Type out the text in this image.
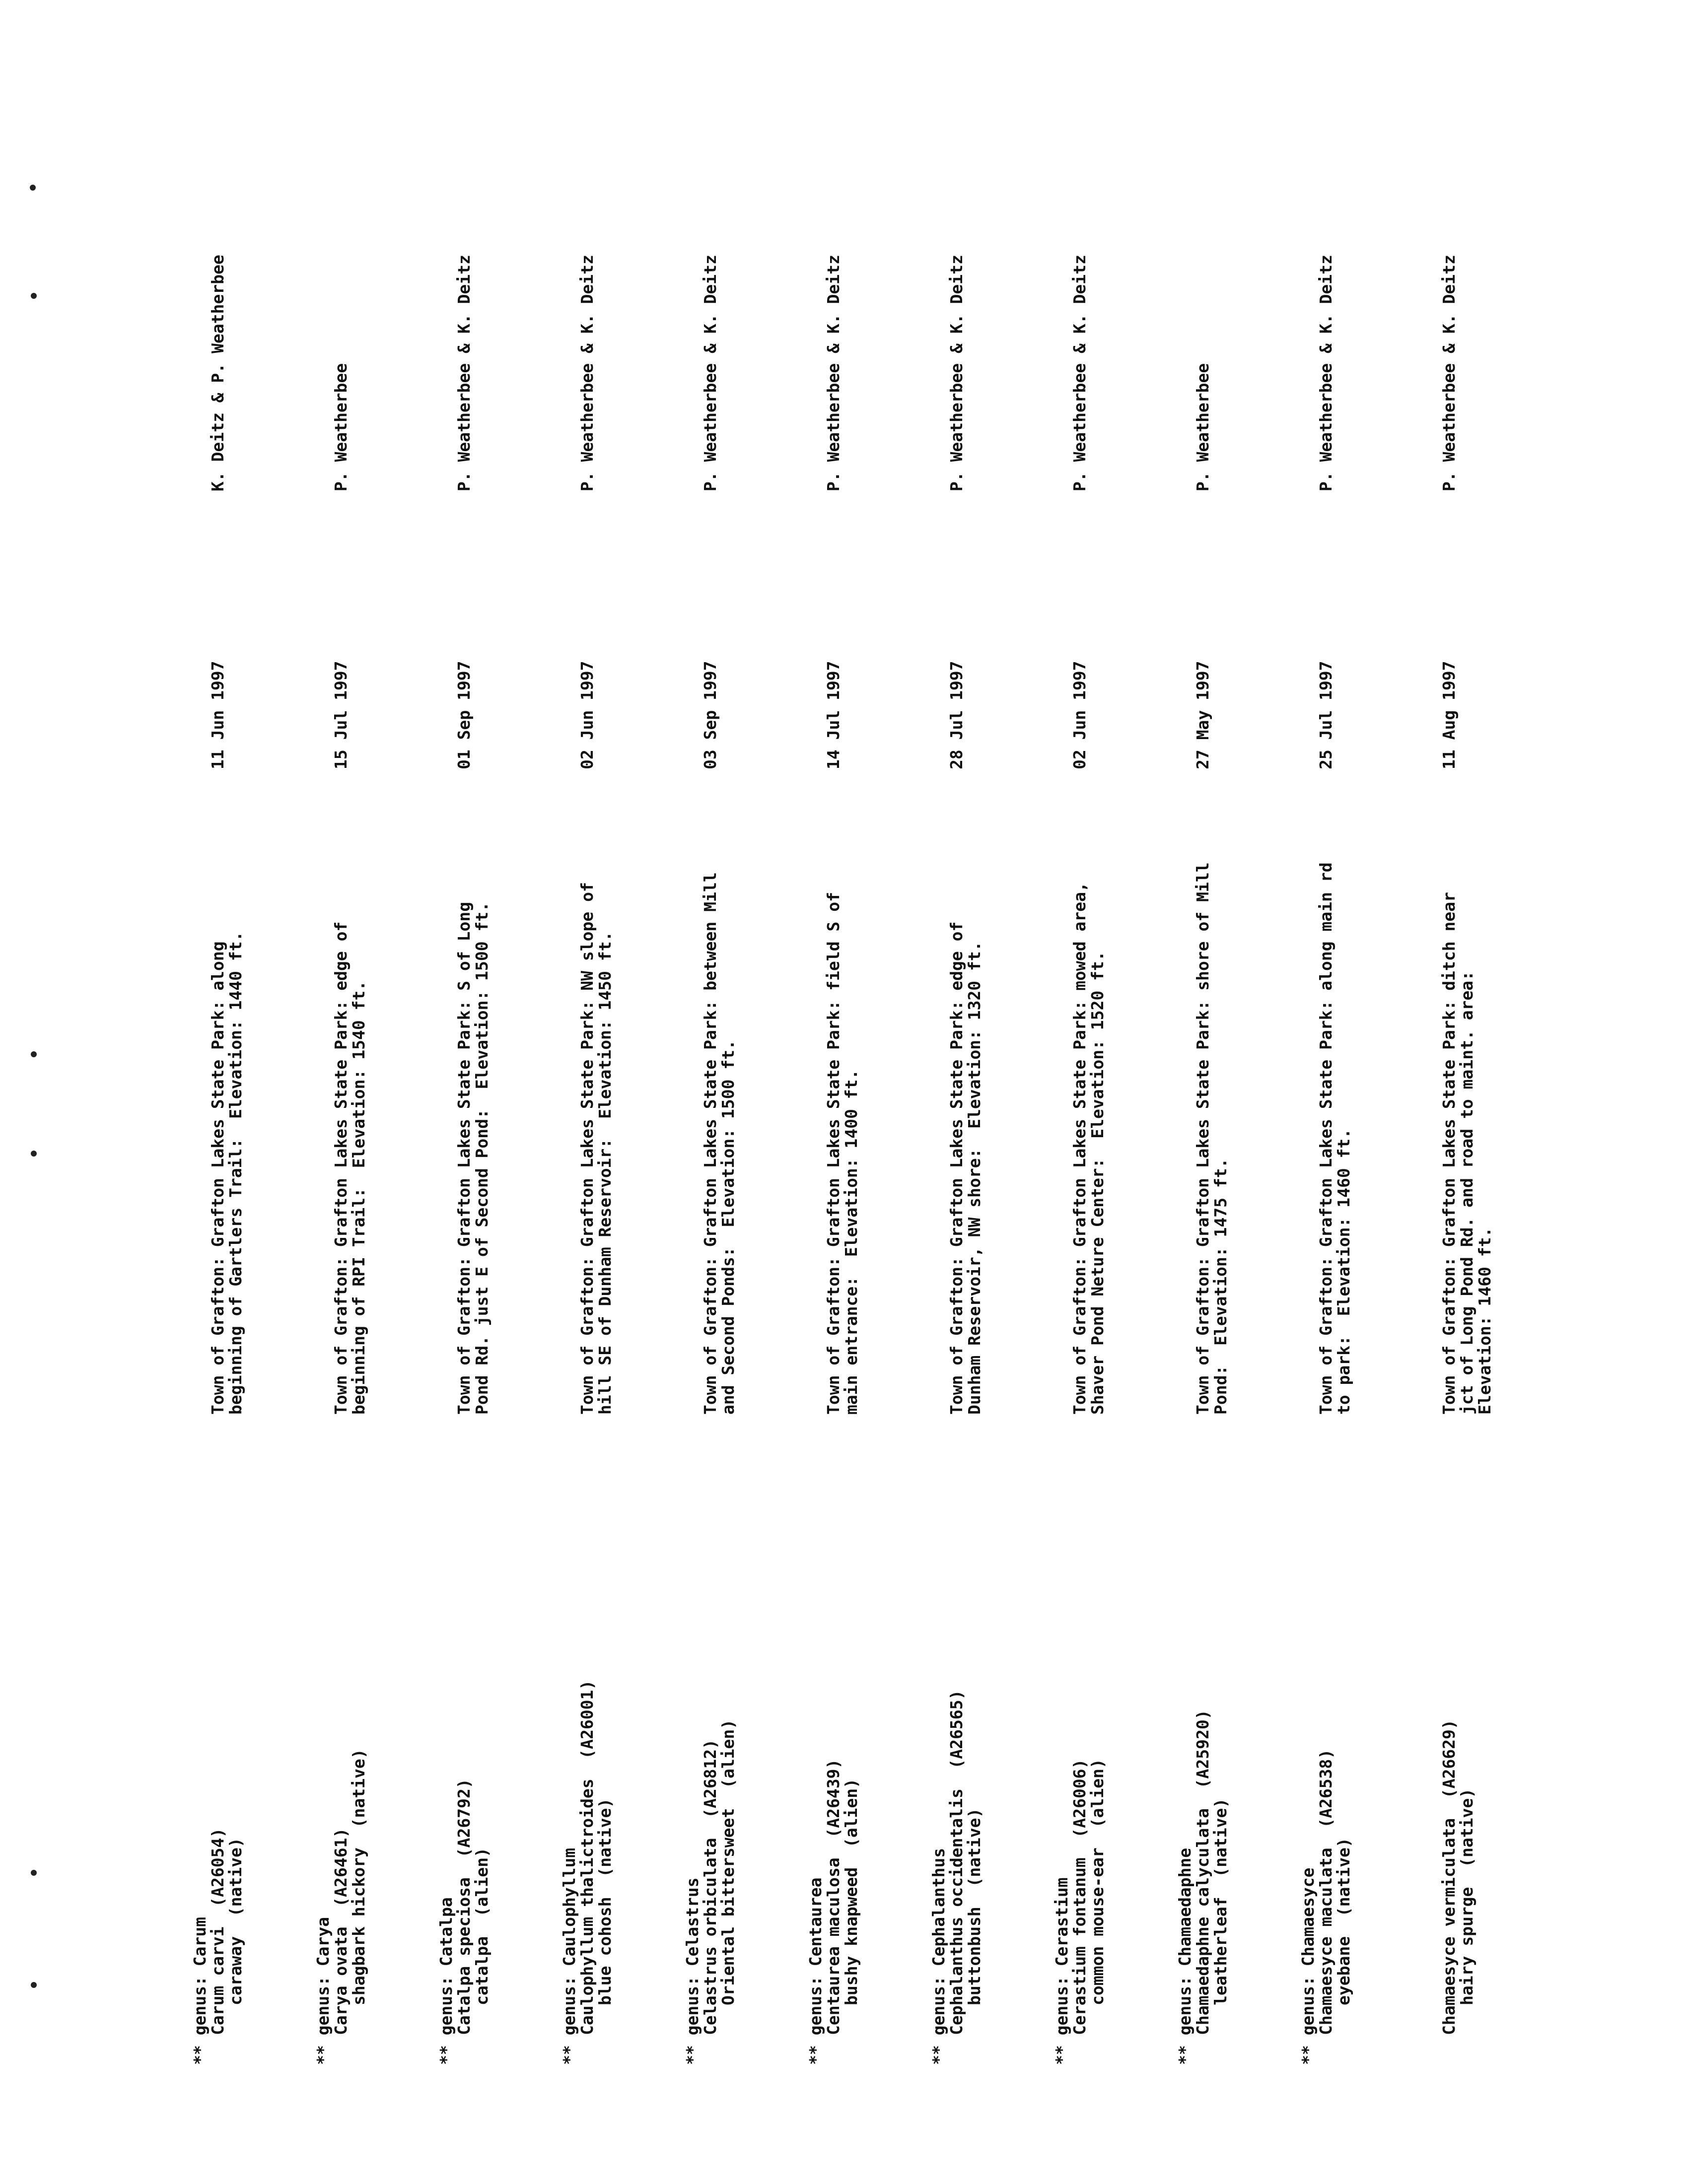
** genus: Carum
Carum carvi  (A26054)
caraway  (native)
Town of Grafton: Grafton Lakes State Park: along
beginning of Gartlers Trail:  Elevation: 1440 ft.
11 Jun 1997
K. Deitz & P. Weatherbee
** genus: Carya
Carya ovata  (A26461)
shagbark hickory  (native)
Town of Grafton: Grafton Lakes State Park: edge of
beginning of RPI Trail:  Elevation: 1540 ft.
15 Jul 1997
P. Weatherbee
** genus: Catalpa
Catalpa speciosa  (A26792)
catalpa  (alien)
Town of Grafton: Grafton Lakes State Park: S of Long
Pond Rd. just E of Second Pond:  Elevation: 1500 ft.
01 Sep 1997
P. Weatherbee & K. Deitz
** genus: Caulophyllum
Caulophyllum thalictroides  (A26001)
blue cohosh  (native)
Town of Grafton: Grafton Lakes State Park: NW slope of
hill SE of Dunham Reservoir:  Elevation: 1450 ft.
02 Jun 1997
P. Weatherbee & K. Deitz
** genus: Celastrus
Celastrus orbiculata  (A26812)
Oriental bittersweet  (alien)
Town of Grafton: Grafton Lakes State Park: between Mill
and Second Ponds:  Elevation: 1500 ft.
03 Sep 1997
P. Weatherbee & K. Deitz
** genus: Centaurea
Centaurea maculosa  (A26439)
bushy knapweed  (alien)
Town of Grafton: Grafton Lakes State Park: field S of
main entrance:  Elevation: 1400 ft.
14 Jul 1997
P. Weatherbee & K. Deitz
** genus: Cephalanthus
Cephalanthus occidentalis  (A26565)
buttonbush  (native)
Town of Grafton: Grafton Lakes State Park: edge of
Dunham Reservoir, NW shore:  Elevation: 1320 ft.
28 Jul 1997
P. Weatherbee & K. Deitz
** genus: Cerastium
Cerastium fontanum  (A26006)
common mouse-ear  (alien)
Town of Grafton: Grafton Lakes State Park: mowed area,
Shaver Pond Neture Center:  Elevation: 1520 ft.
02 Jun 1997
P. Weatherbee & K. Deitz
** genus: Chamaedaphne
Chamaedaphne calyculata  (A25920)
leatherleaf  (native)
Town of Grafton: Grafton Lakes State Park: shore of Mill
Pond:  Elevation: 1475 ft.
27 May 1997
P. Weatherbee
** genus: Chamaesyce
Chamaesyce maculata  (A26538)
eyebane  (native)
Town of Grafton: Grafton Lakes State Park: along main rd
to park:  Elevation: 1460 ft.
25 Jul 1997
P. Weatherbee & K. Deitz
Chamaesyce vermiculata  (A26629)
hairy spurge  (native)
Town of Grafton: Grafton Lakes State Park: ditch near
jct of Long Pond Rd. and road to maint. area:
Elevation: 1460 ft.
11 Aug 1997
P. Weatherbee & K. Deitz
